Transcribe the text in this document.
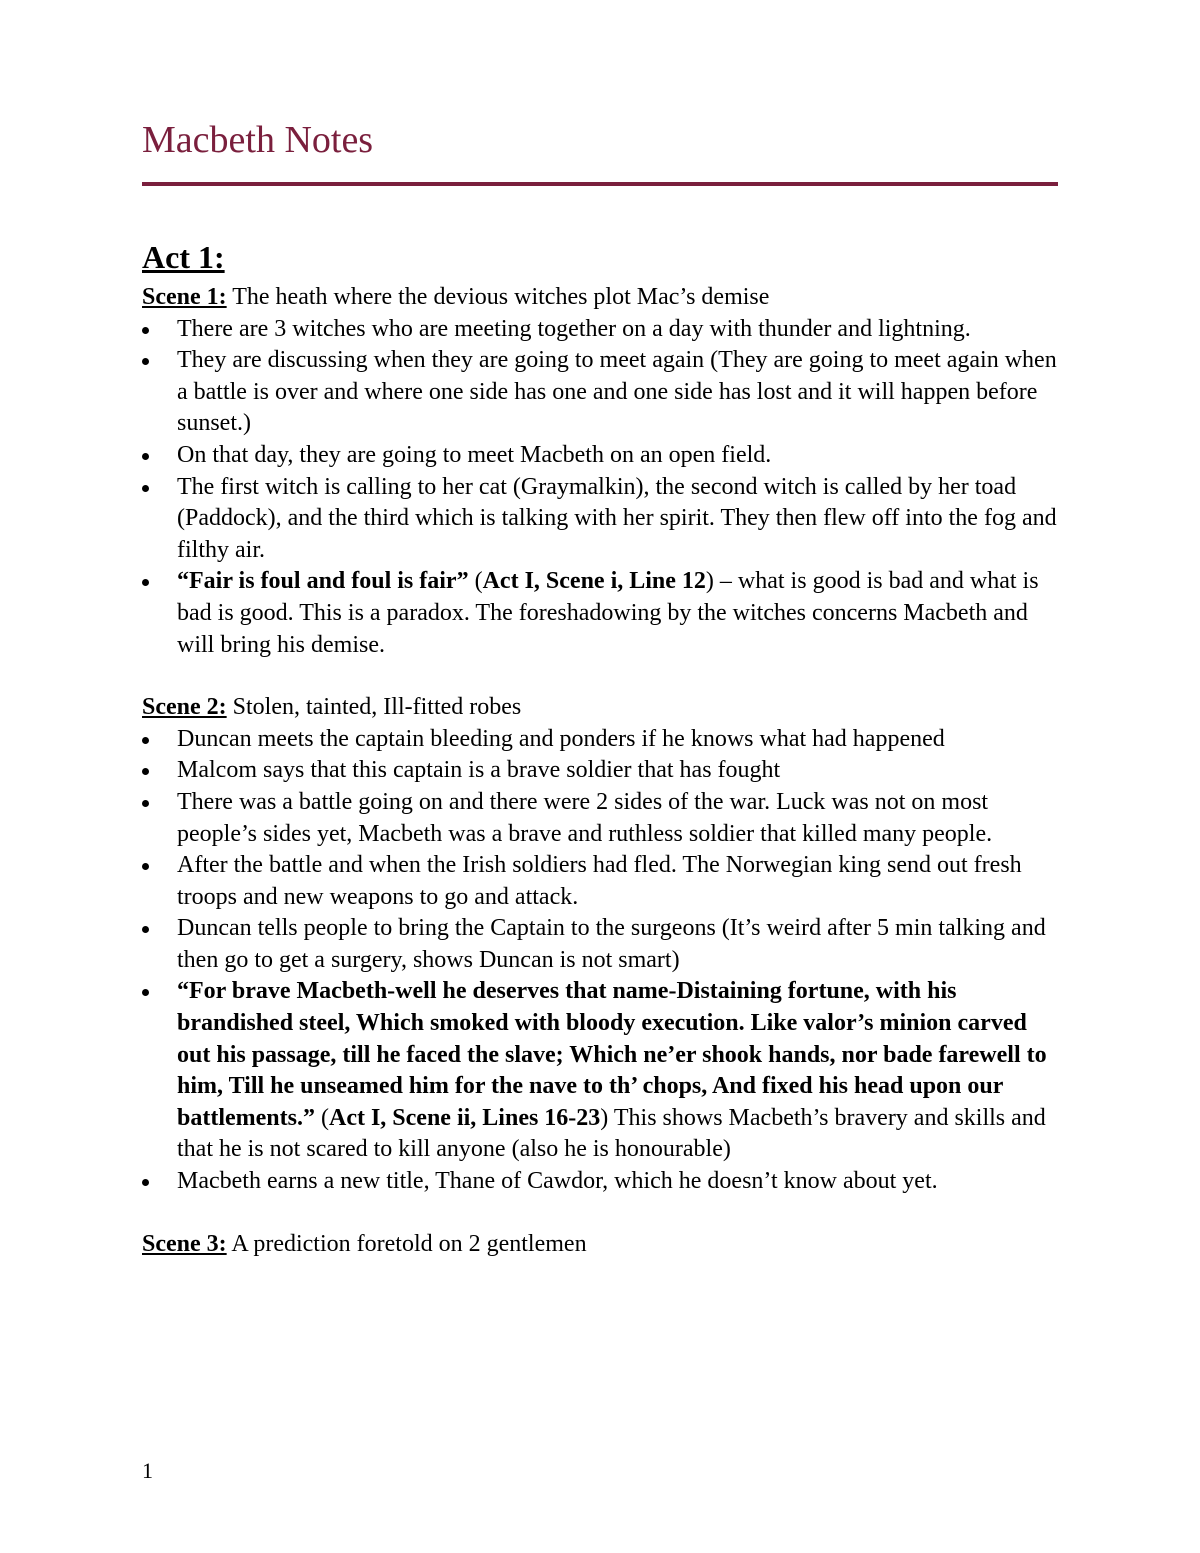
Macbeth Notes
Act 1:

Scene 1: The heath where the devious witches plot Mac’s demise

There are 3 witches who are meeting together on a day with thunder and lightning.
They are discussing when they are going to meet again (They are going to meet again when a battle is over and where one side has one and one side has lost and it will happen before sunset.)
On that day, they are going to meet Macbeth on an open field.
The first witch is calling to her cat (Graymalkin), the second witch is called by her toad (Paddock), and the third which is talking with her spirit. They then flew off into the fog and filthy air.
“Fair is foul and foul is fair” (Act I, Scene i, Line 12) – what is good is bad and what is bad is good. This is a paradox. The foreshadowing by the witches concerns Macbeth and will bring his demise.

Scene 2: Stolen, tainted, Ill-fitted robes

Duncan meets the captain bleeding and ponders if he knows what had happened
Malcom says that this captain is a brave soldier that has fought
There was a battle going on and there were 2 sides of the war. Luck was not on most people’s sides yet, Macbeth was a brave and ruthless soldier that killed many people.
After the battle and when the Irish soldiers had fled. The Norwegian king send out fresh troops and new weapons to go and attack.
Duncan tells people to bring the Captain to the surgeons (It’s weird after 5 min talking and then go to get a surgery, shows Duncan is not smart)
“For brave Macbeth-well he deserves that name-Distaining fortune, with his brandished steel, Which smoked with bloody execution. Like valor’s minion carved out his passage, till he faced the slave; Which ne’er shook hands, nor bade farewell to him, Till he unseamed him for the nave to th’ chops, And fixed his head upon our battlements.” (Act I, Scene ii, Lines 16-23) This shows Macbeth’s bravery and skills and that he is not scared to kill anyone (also he is honourable)
Macbeth earns a new title, Thane of Cawdor, which he doesn’t know about yet.

Scene 3: A prediction foretold on 2 gentlemen

1
